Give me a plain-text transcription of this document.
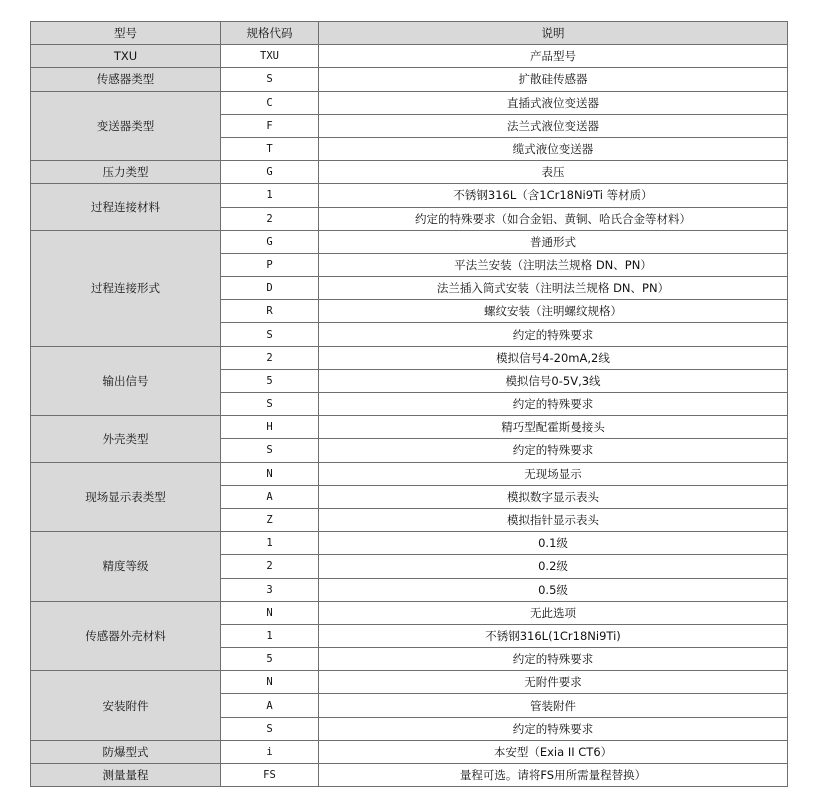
型号	规格代码	说明
TXU	TXU	产品型号
传感器类型	S	扩散硅传感器
变送器类型	C	直插式液位变送器
	F	法兰式液位变送器
	T	缆式液位变送器
压力类型	G	表压
过程连接材料	1	不锈钢316L（含1Cr18Ni9Ti 等材质）
	2	约定的特殊要求（如合金铝、黄铜、哈氏合金等材料）
过程连接形式	G	普通形式
	P	平法兰安装（注明法兰规格 DN、PN）
	D	法兰插入筒式安装（注明法兰规格 DN、PN）
	R	螺纹安装（注明螺纹规格）
	S	约定的特殊要求
输出信号	2	模拟信号4-20mA,2线
	5	模拟信号0-5V,3线
	S	约定的特殊要求
外壳类型	H	精巧型配霍斯曼接头
	S	约定的特殊要求
现场显示表类型	N	无现场显示
	A	模拟数字显示表头
	Z	模拟指针显示表头
精度等级	1	0.1级
	2	0.2级
	3	0.5级
传感器外壳材料	N	无此选项
	1	不锈钢316L(1Cr18Ni9Ti)
	5	约定的特殊要求
安装附件	N	无附件要求
	A	管装附件
	S	约定的特殊要求
防爆型式	i	本安型（Exia II CT6）
测量量程	FS	量程可选。请将FS用所需量程替换）
